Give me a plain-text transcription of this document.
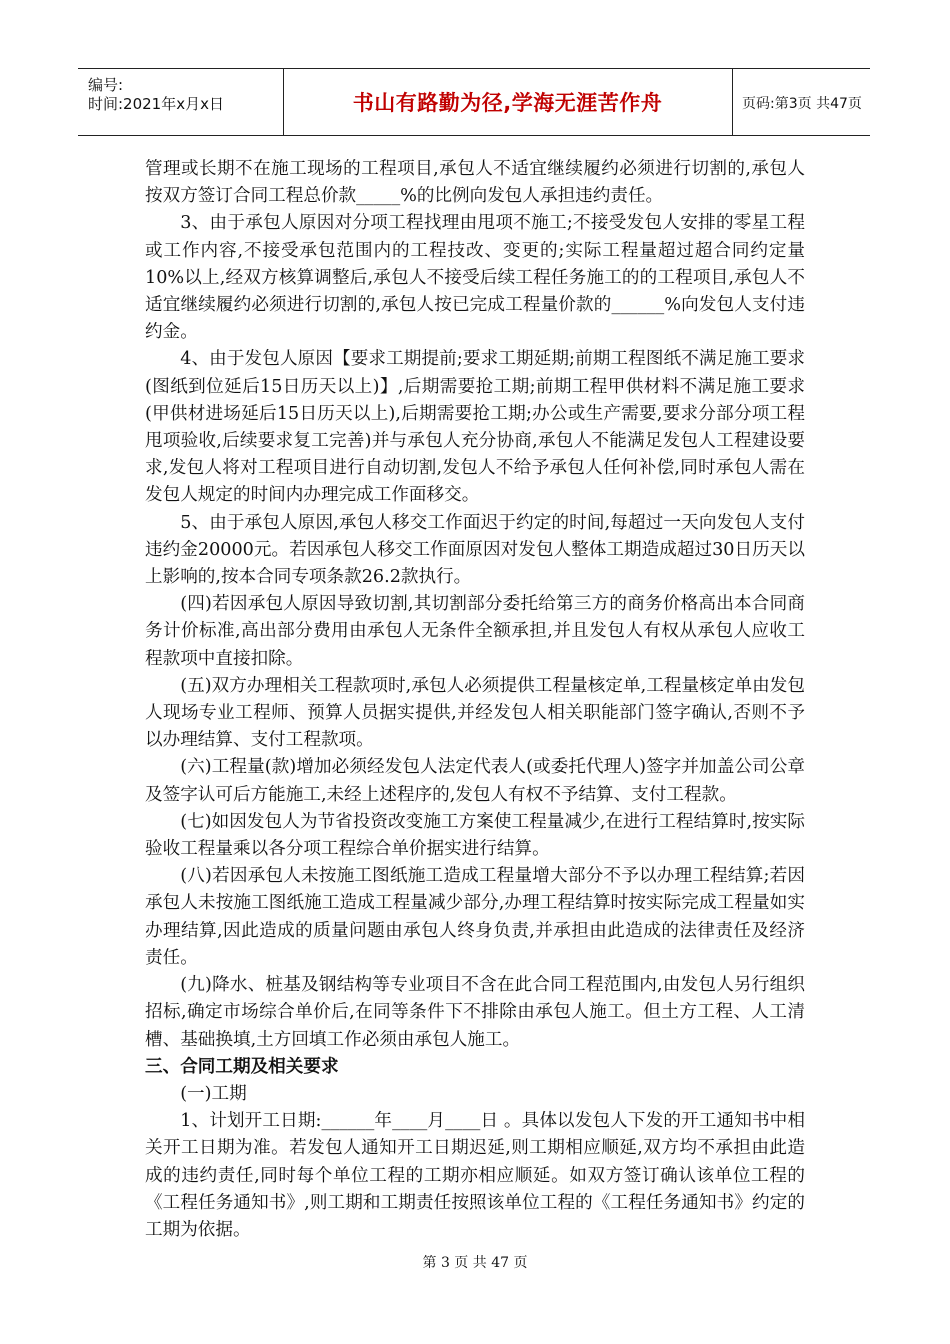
编号:
时间:2021年x月x日	书山有路勤为径,学海无涯苦作舟	页码:第3页 共47页

管理或长期不在施工现场的工程项目,承包人不适宜继续履约必须进行切割的,承包人按双方签订合同工程总价款_____%的比例向发包人承担违约责任。

3、由于承包人原因对分项工程找理由甩项不施工;不接受发包人安排的零星工程或工作内容,不接受承包范围内的工程技改、变更的;实际工程量超过超合同约定量10%以上,经双方核算调整后,承包人不接受后续工程任务施工的的工程项目,承包人不适宜继续履约必须进行切割的,承包人按已完成工程量价款的______%向发包人支付违约金。

4、由于发包人原因【要求工期提前;要求工期延期;前期工程图纸不满足施工要求(图纸到位延后15日历天以上)】,后期需要抢工期;前期工程甲供材料不满足施工要求(甲供材进场延后15日历天以上),后期需要抢工期;办公或生产需要,要求分部分项工程甩项验收,后续要求复工完善)并与承包人充分协商,承包人不能满足发包人工程建设要求,发包人将对工程项目进行自动切割,发包人不给予承包人任何补偿,同时承包人需在发包人规定的时间内办理完成工作面移交。

5、由于承包人原因,承包人移交工作面迟于约定的时间,每超过一天向发包人支付违约金20000元。若因承包人移交工作面原因对发包人整体工期造成超过30日历天以上影响的,按本合同专项条款26.2款执行。

(四)若因承包人原因导致切割,其切割部分委托给第三方的商务价格高出本合同商务计价标准,高出部分费用由承包人无条件全额承担,并且发包人有权从承包人应收工程款项中直接扣除。

(五)双方办理相关工程款项时,承包人必须提供工程量核定单,工程量核定单由发包人现场专业工程师、预算人员据实提供,并经发包人相关职能部门签字确认,否则不予以办理结算、支付工程款项。

(六)工程量(款)增加必须经发包人法定代表人(或委托代理人)签字并加盖公司公章及签字认可后方能施工,未经上述程序的,发包人有权不予结算、支付工程款。

(七)如因发包人为节省投资改变施工方案使工程量减少,在进行工程结算时,按实际验收工程量乘以各分项工程综合单价据实进行结算。

(八)若因承包人未按施工图纸施工造成工程量增大部分不予以办理工程结算;若因承包人未按施工图纸施工造成工程量减少部分,办理工程结算时按实际完成工程量如实办理结算,因此造成的质量问题由承包人终身负责,并承担由此造成的法律责任及经济责任。

(九)降水、桩基及钢结构等专业项目不含在此合同工程范围内,由发包人另行组织招标,确定市场综合单价后,在同等条件下不排除由承包人施工。但土方工程、人工清槽、基础换填,土方回填工作必须由承包人施工。

三、合同工期及相关要求

(一)工期

1、计划开工日期:______年____月____日 。具体以发包人下发的开工通知书中相关开工日期为准。若发包人通知开工日期迟延,则工期相应顺延,双方均不承担由此造成的违约责任,同时每个单位工程的工期亦相应顺延。如双方签订确认该单位工程的《工程任务通知书》,则工期和工期责任按照该单位工程的《工程任务通知书》约定的工期为依据。

第 3 页 共 47 页
